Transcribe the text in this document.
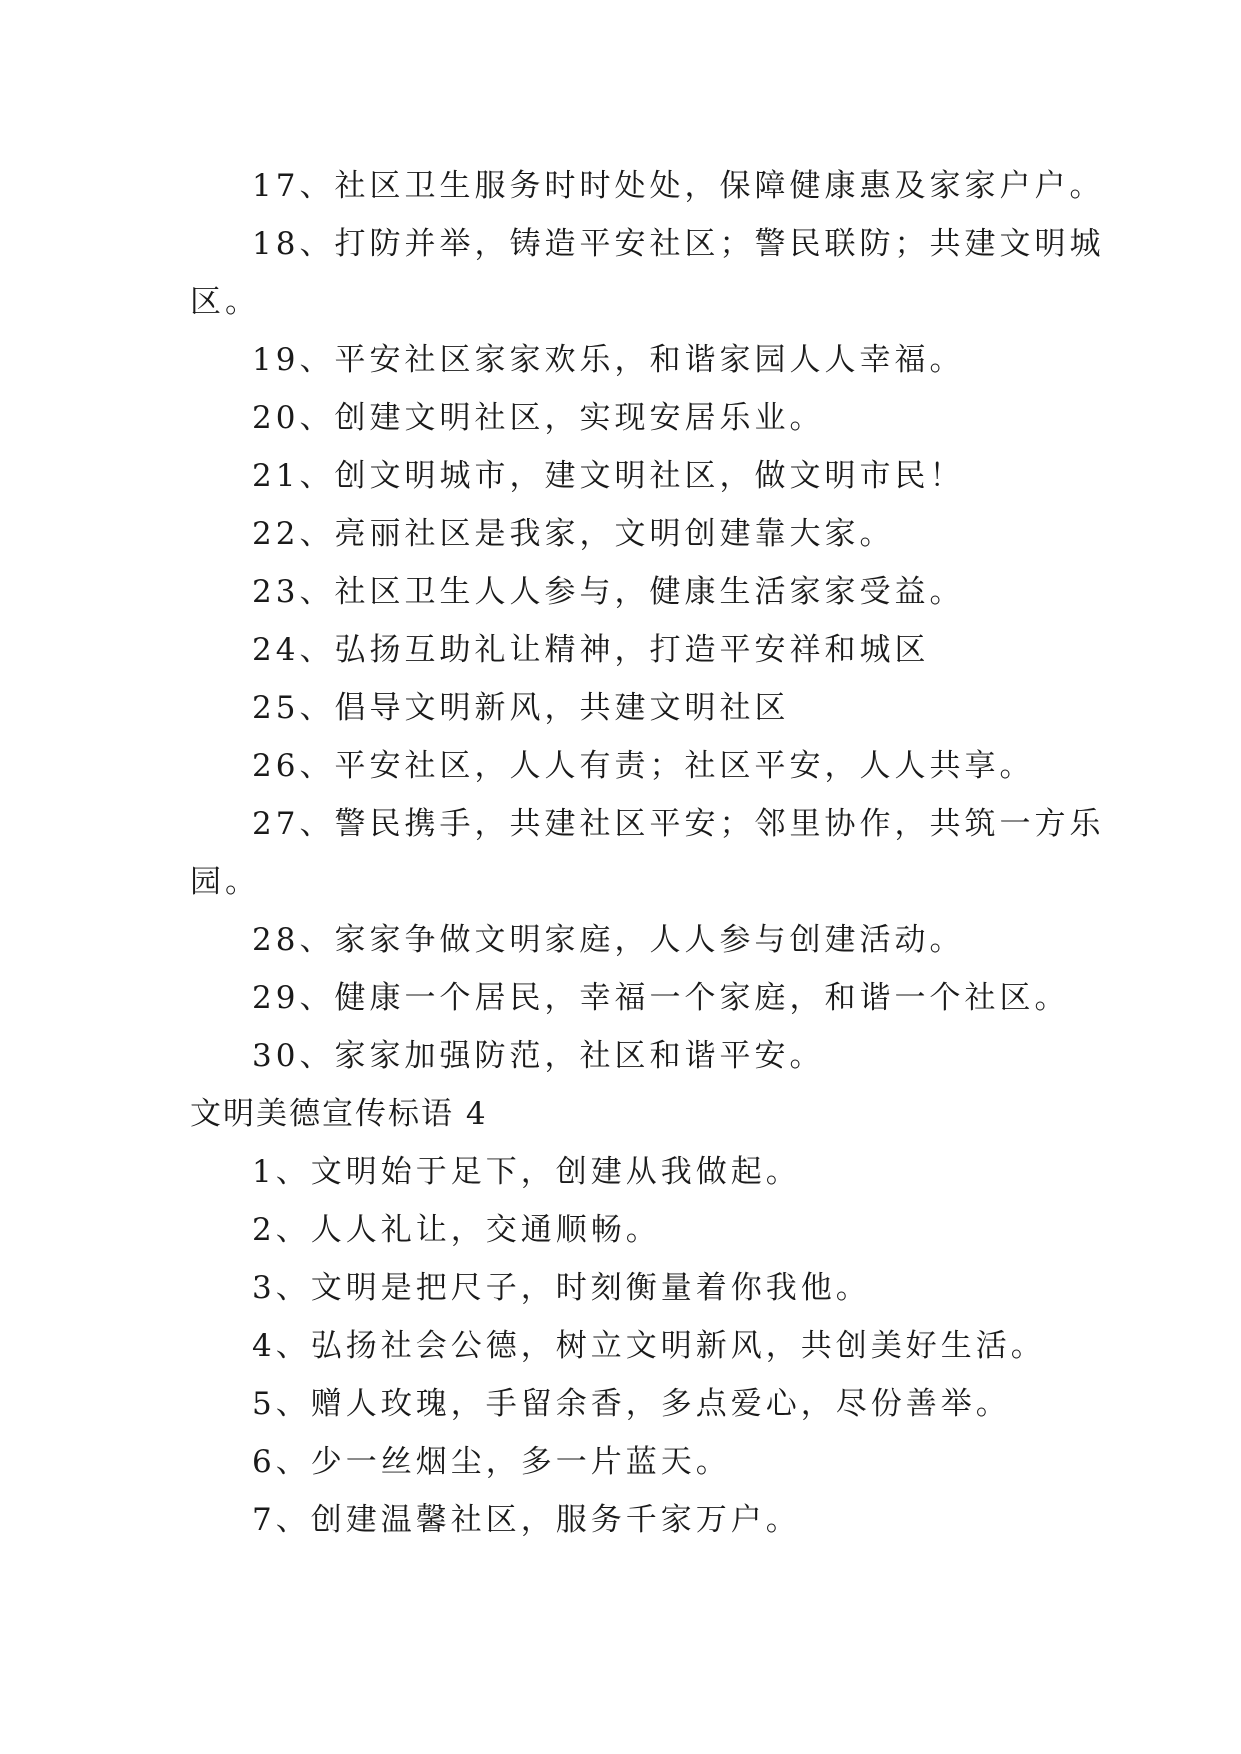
17、社区卫生服务时时处处，保障健康惠及家家户户。
18、打防并举，铸造平安社区；警民联防；共建文明城
区。
19、平安社区家家欢乐，和谐家园人人幸福。
20、创建文明社区，实现安居乐业。
21、创文明城市，建文明社区，做文明市民！
22、亮丽社区是我家，文明创建靠大家。
23、社区卫生人人参与，健康生活家家受益。
24、弘扬互助礼让精神，打造平安祥和城区
25、倡导文明新风，共建文明社区
26、平安社区，人人有责；社区平安，人人共享。
27、警民携手，共建社区平安；邻里协作，共筑一方乐
园。
28、家家争做文明家庭，人人参与创建活动。
29、健康一个居民，幸福一个家庭，和谐一个社区。
30、家家加强防范，社区和谐平安。
文明美德宣传标语 4
1、文明始于足下，创建从我做起。
2、人人礼让，交通顺畅。
3、文明是把尺子，时刻衡量着你我他。
4、弘扬社会公德，树立文明新风，共创美好生活。
5、赠人玫瑰，手留余香，多点爱心，尽份善举。
6、少一丝烟尘，多一片蓝天。
7、创建温馨社区，服务千家万户。
